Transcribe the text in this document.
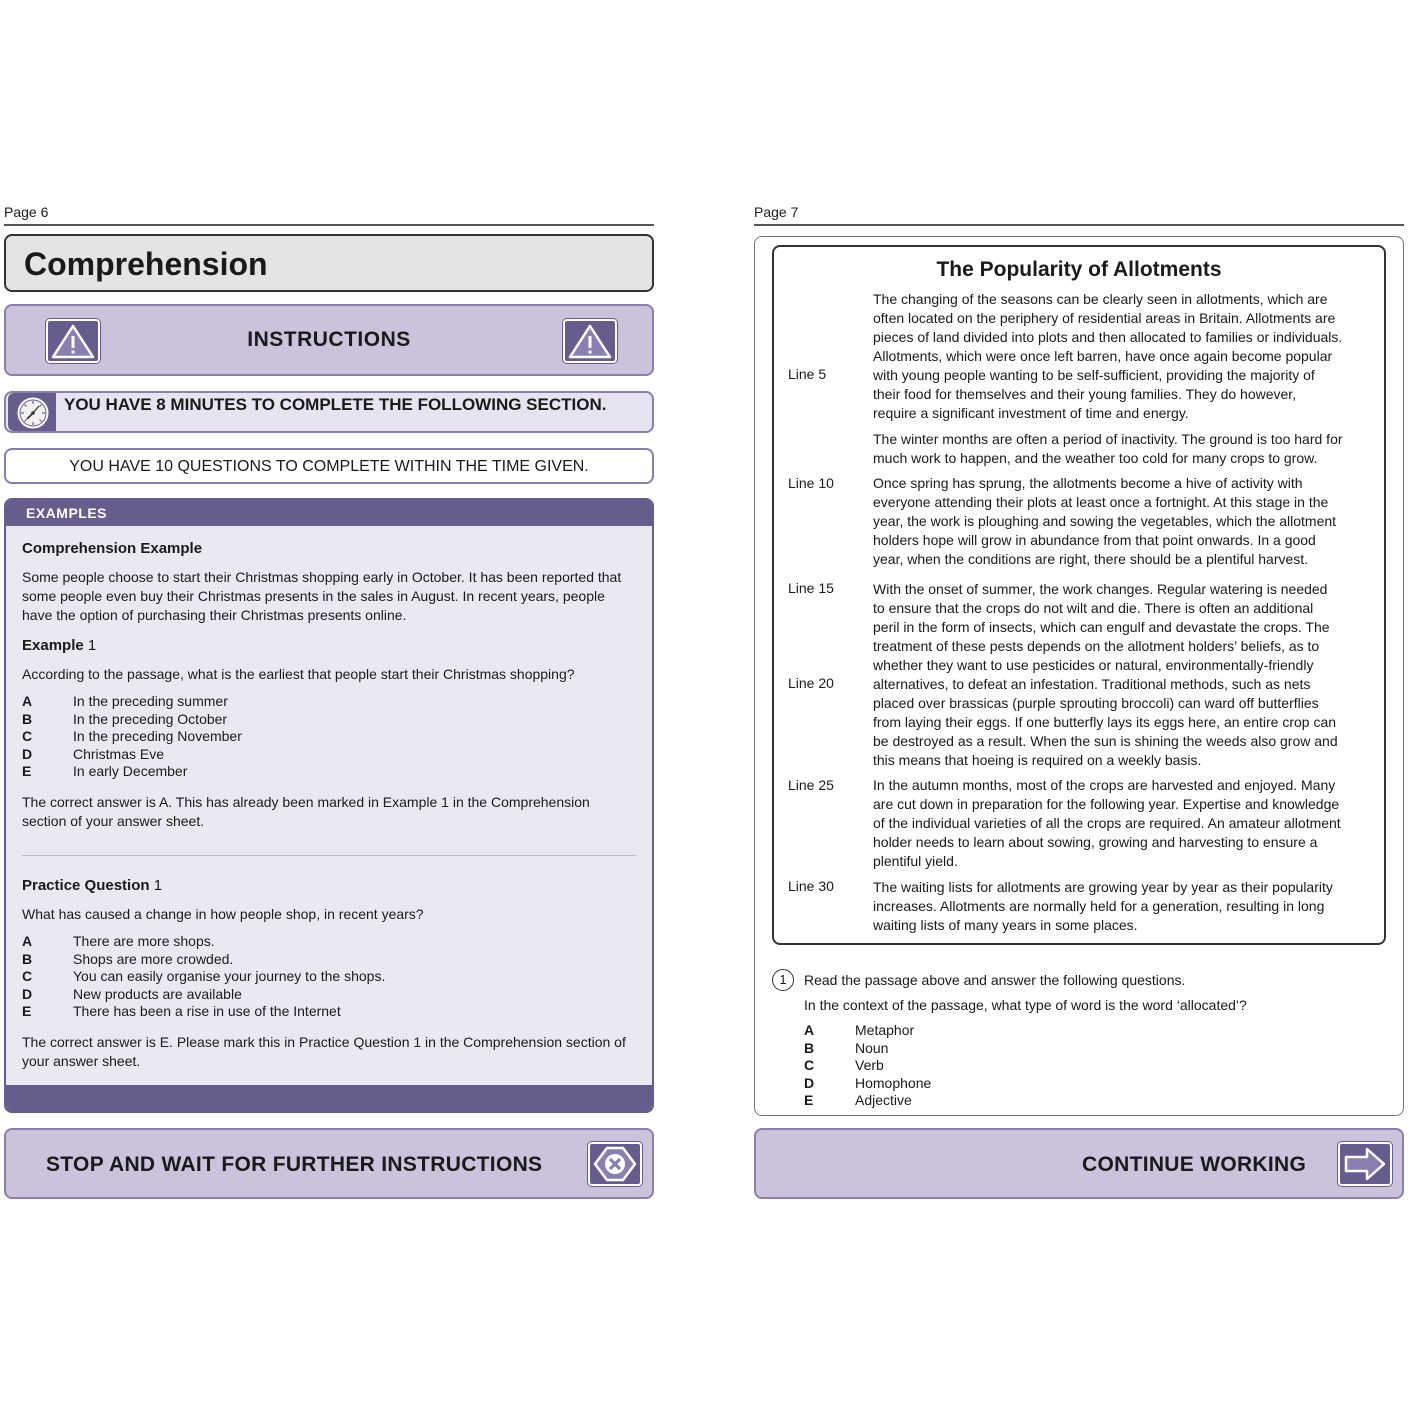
Page 6
Comprehension
INSTRUCTIONS
YOU HAVE 8 MINUTES TO COMPLETE THE FOLLOWING SECTION.
YOU HAVE 10 QUESTIONS TO COMPLETE WITHIN THE TIME GIVEN.
EXAMPLES
Comprehension Example
Some people choose to start their Christmas shopping early in October. It has been reported that some people even buy their Christmas presents in the sales in August. In recent years, people have the option of purchasing their Christmas presents online.
Example 1
According to the passage, what is the earliest that people start their Christmas shopping?
A	In the preceding summer
B	In the preceding October
C	In the preceding November
D	Christmas Eve
E	In early December
The correct answer is A. This has already been marked in Example 1 in the Comprehension section of your answer sheet.
Practice Question 1
What has caused a change in how people shop, in recent years?
A	There are more shops.
B	Shops are more crowded.
C	You can easily organise your journey to the shops.
D	New products are available
E	There has been a rise in use of the Internet
The correct answer is E. Please mark this in Practice Question 1 in the Comprehension section of your answer sheet.
STOP AND WAIT FOR FURTHER INSTRUCTIONS
Page 7
The Popularity of Allotments
The changing of the seasons can be clearly seen in allotments, which are often located on the periphery of residential areas in Britain. Allotments are pieces of land divided into plots and then allocated to families or individuals. Allotments, which were once left barren, have once again become popular with young people wanting to be self-sufficient, providing the majority of their food for themselves and their young families. They do however, require a significant investment of time and energy.
The winter months are often a period of inactivity. The ground is too hard for much work to happen, and the weather too cold for many crops to grow.
Once spring has sprung, the allotments become a hive of activity with everyone attending their plots at least once a fortnight. At this stage in the year, the work is ploughing and sowing the vegetables, which the allotment holders hope will grow in abundance from that point onwards. In a good year, when the conditions are right, there should be a plentiful harvest.
With the onset of summer, the work changes. Regular watering is needed to ensure that the crops do not wilt and die. There is often an additional peril in the form of insects, which can engulf and devastate the crops. The treatment of these pests depends on the allotment holders’ beliefs, as to whether they want to use pesticides or natural, environmentally-friendly alternatives, to defeat an infestation. Traditional methods, such as nets placed over brassicas (purple sprouting broccoli) can ward off butterflies from laying their eggs. If one butterfly lays its eggs here, an entire crop can be destroyed as a result. When the sun is shining the weeds also grow and this means that hoeing is required on a weekly basis.
In the autumn months, most of the crops are harvested and enjoyed. Many are cut down in preparation for the following year. Expertise and knowledge of the individual varieties of all the crops are required. An amateur allotment holder needs to learn about sowing, growing and harvesting to ensure a plentiful yield.
The waiting lists for allotments are growing year by year as their popularity increases. Allotments are normally held for a generation, resulting in long waiting lists of many years in some places.
Line 5
Line 10
Line 15
Line 20
Line 25
Line 30
1	Read the passage above and answer the following questions.
In the context of the passage, what type of word is the word ‘allocated’?
A	Metaphor
B	Noun
C	Verb
D	Homophone
E	Adjective
CONTINUE WORKING
